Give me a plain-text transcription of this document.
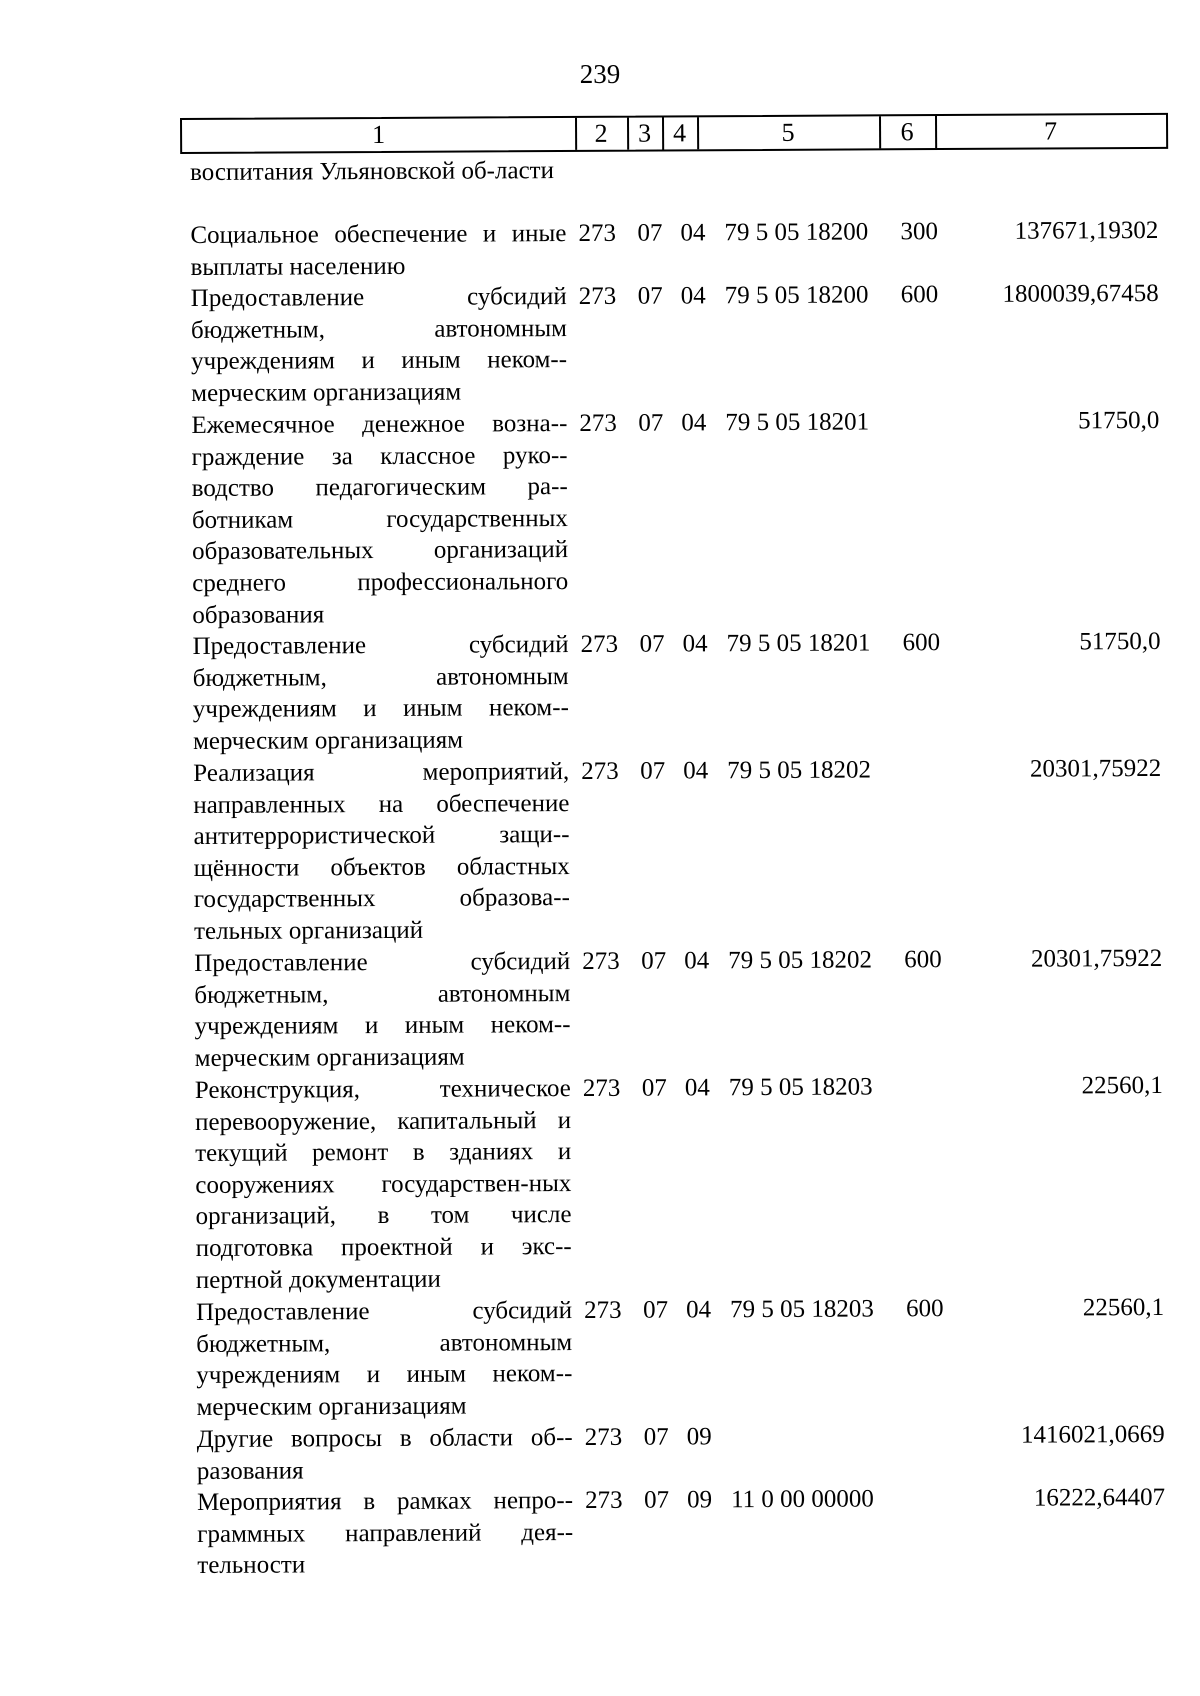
239
1	2	3 4	5	6	7
воспитания Ульяновской об-ласти
Социальное обеспечение и иные выплаты населению
273 07 04 79 5 05 18200 300	137671,19302
Предоставление субсидий бюджетным, автономным учреждениям и иным неком-мерческим организациям
273 07 04 79 5 05 18200 600	1800039,67458
Ежемесячное денежное возна-граждение за классное руко-водство педагогическим ра-ботникам государственных образовательных организаций среднего профессионального образования
273 07 04 79 5 05 18201	51750,0
Предоставление субсидий бюджетным, автономным учреждениям и иным неком-мерческим организациям
273 07 04 79 5 05 18201 600	51750,0
Реализация мероприятий, направленных на обеспечение антитеррористической защи-щённости объектов областных государственных образова-тельных организаций
273 07 04 79 5 05 18202	20301,75922
Предоставление субсидий бюджетным, автономным учреждениям и иным неком-мерческим организациям
273 07 04 79 5 05 18202 600	20301,75922
Реконструкция, техническое перевооружение, капитальный и текущий ремонт в зданиях и сооружениях государствен-ных организаций, в том числе подготовка проектной и экс-пертной документации
273 07 04 79 5 05 18203	22560,1
Предоставление субсидий бюджетным, автономным учреждениям и иным неком-мерческим организациям
273 07 04 79 5 05 18203 600	22560,1
Другие вопросы в области об-разования
273 07 09	1416021,0669
Мероприятия в рамках непро-граммных направлений дея-тельности
273 07 09 11 0 00 00000	16222,64407
